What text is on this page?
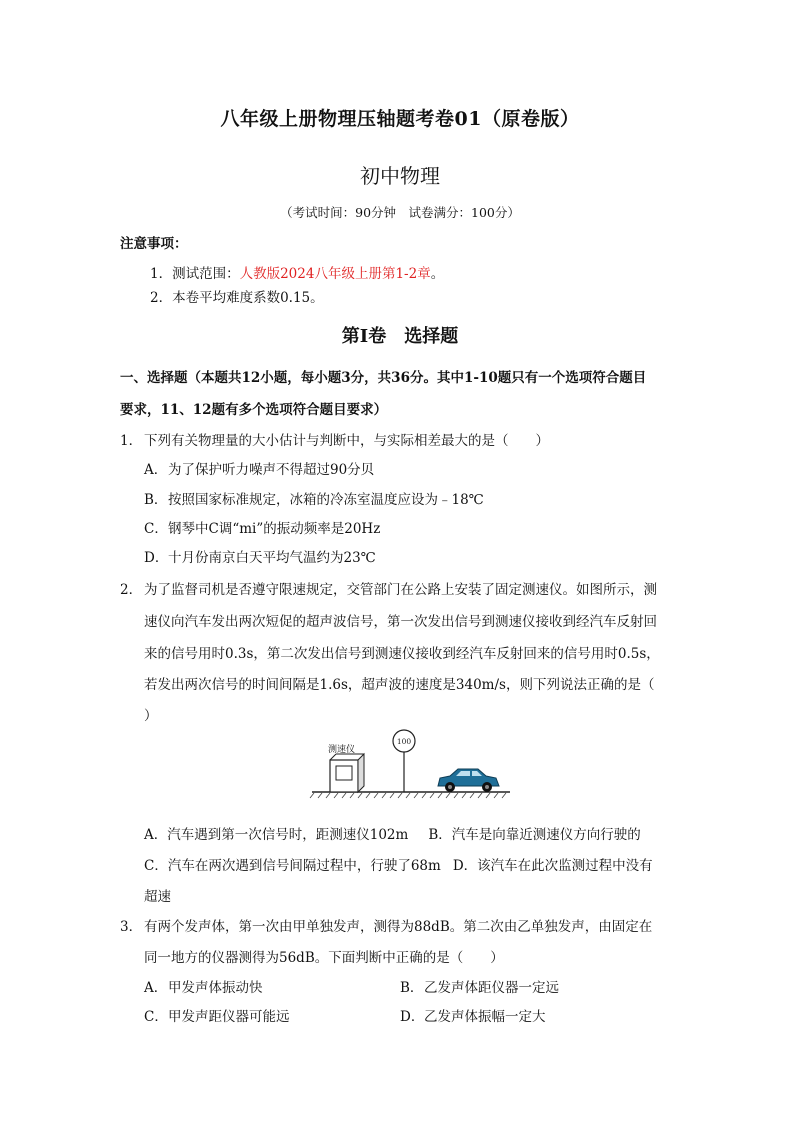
八年级上册物理压轴题考卷01（原卷版）
初中物理
（考试时间：90分钟　试卷满分：100分）
注意事项：
1．测试范围：人教版2024八年级上册第1-2章。
2．本卷平均难度系数0.15。
第Ⅰ卷　选择题
一、选择题（本题共12小题，每小题3分，共36分。其中1-10题只有一个选项符合题目
要求，11、12题有多个选项符合题目要求）
1． 下列有关物理量的大小估计与判断中，与实际相差最大的是（　　）
A．为了保护听力噪声不得超过90分贝
B．按照国家标准规定，冰箱的冷冻室温度应设为﹣18℃
C．钢琴中C调“mi”的振动频率是20Hz
D．十月份南京白天平均气温约为23℃
2． 为了监督司机是否遵守限速规定，交管部门在公路上安装了固定测速仪。如图所示，测
速仪向汽车发出两次短促的超声波信号，第一次发出信号到测速仪接收到经汽车反射回
来的信号用时0.3s，第二次发出信号到测速仪接收到经汽车反射回来的信号用时0.5s，
若发出两次信号的时间间隔是1.6s，超声波的速度是340m/s，则下列说法正确的是（
）
测速仪
100
A．汽车遇到第一次信号时，距测速仪102m B．汽车是向靠近测速仪方向行驶的
C．汽车在两次遇到信号间隔过程中，行驶了68m D．该汽车在此次监测过程中没有
超速
3． 有两个发声体，第一次由甲单独发声，测得为88dB。第二次由乙单独发声，由固定在
同一地方的仪器测得为56dB。下面判断中正确的是（　　）
A．甲发声体振动快	B．乙发声体距仪器一定远
C．甲发声距仪器可能远	D．乙发声体振幅一定大
